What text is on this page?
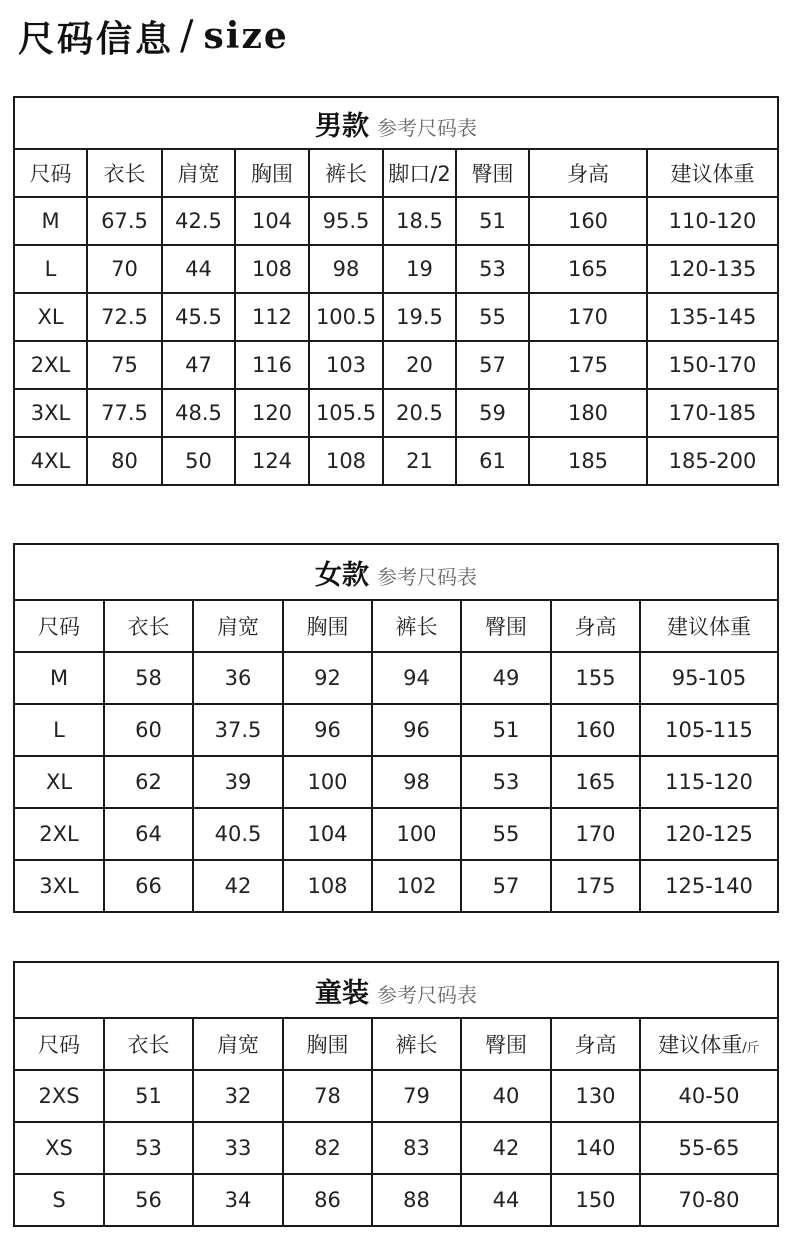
尺码信息 / size
男款 参考尺码表								
尺码	衣长	肩宽	胸围	裤长	脚口/2	臀围	身高	建议体重
M	67.5	42.5	104	95.5	18.5	51	160	110-120
L	70	44	108	98	19	53	165	120-135
XL	72.5	45.5	112	100.5	19.5	55	170	135-145
2XL	75	47	116	103	20	57	175	150-170
3XL	77.5	48.5	120	105.5	20.5	59	180	170-185
4XL	80	50	124	108	21	61	185	185-200
女款 参考尺码表							
尺码	衣长	肩宽	胸围	裤长	臀围	身高	建议体重
M	58	36	92	94	49	155	95-105
L	60	37.5	96	96	51	160	105-115
XL	62	39	100	98	53	165	115-120
2XL	64	40.5	104	100	55	170	120-125
3XL	66	42	108	102	57	175	125-140
童装 参考尺码表							
尺码	衣长	肩宽	胸围	裤长	臀围	身高	建议体重/斤
2XS	51	32	78	79	40	130	40-50
XS	53	33	82	83	42	140	55-65
S	56	34	86	88	44	150	70-80
